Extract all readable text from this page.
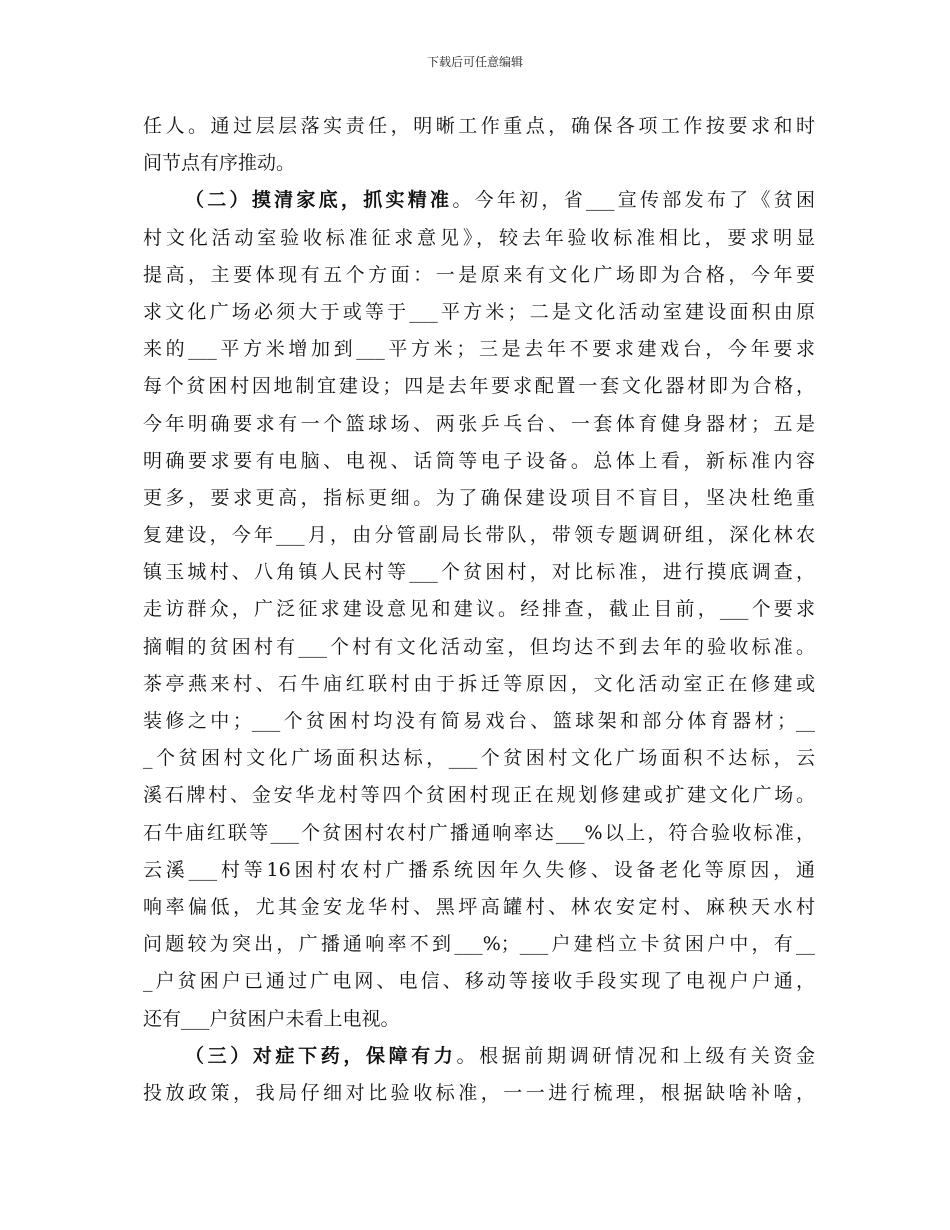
下载后可任意编辑
任人。通过层层落实责任，明晰工作重点，确保各项工作按要求和时
间节点有序推动。
（二）摸清家底，抓实精准。今年初，省___宣传部发布了《贫困
村文化活动室验收标准征求意见》，较去年验收标准相比，要求明显
提高，主要体现有五个方面：一是原来有文化广场即为合格，今年要
求文化广场必须大于或等于___平方米；二是文化活动室建设面积由原
来的___平方米增加到___平方米；三是去年不要求建戏台，今年要求
每个贫困村因地制宜建设；四是去年要求配置一套文化器材即为合格，
今年明确要求有一个篮球场、两张乒乓台、一套体育健身器材；五是
明确要求要有电脑、电视、话筒等电子设备。总体上看，新标准内容
更多，要求更高，指标更细。为了确保建设项目不盲目，坚决杜绝重
复建设，今年___月，由分管副局长带队，带领专题调研组，深化林农
镇玉城村、八角镇人民村等___个贫困村，对比标准，进行摸底调查，
走访群众，广泛征求建设意见和建议。经排查，截止目前，___个要求
摘帽的贫困村有___个村有文化活动室，但均达不到去年的验收标准。
茶亭燕来村、石牛庙红联村由于拆迁等原因，文化活动室正在修建或
装修之中；___个贫困村均没有简易戏台、篮球架和部分体育器材；__
_个贫困村文化广场面积达标，___个贫困村文化广场面积不达标，云
溪石牌村、金安华龙村等四个贫困村现正在规划修建或扩建文化广场。
石牛庙红联等___个贫困村农村广播通响率达___%以上，符合验收标准，
云溪___村等16困村农村广播系统因年久失修、设备老化等原因，通
响率偏低，尤其金安龙华村、黑坪高罐村、林农安定村、麻秧天水村
问题较为突出，广播通响率不到___%；___户建档立卡贫困户中，有__
_户贫困户已通过广电网、电信、移动等接收手段实现了电视户户通，
还有___户贫困户未看上电视。
（三）对症下药，保障有力。根据前期调研情况和上级有关资金
投放政策，我局仔细对比验收标准，一一进行梳理，根据缺啥补啥，
